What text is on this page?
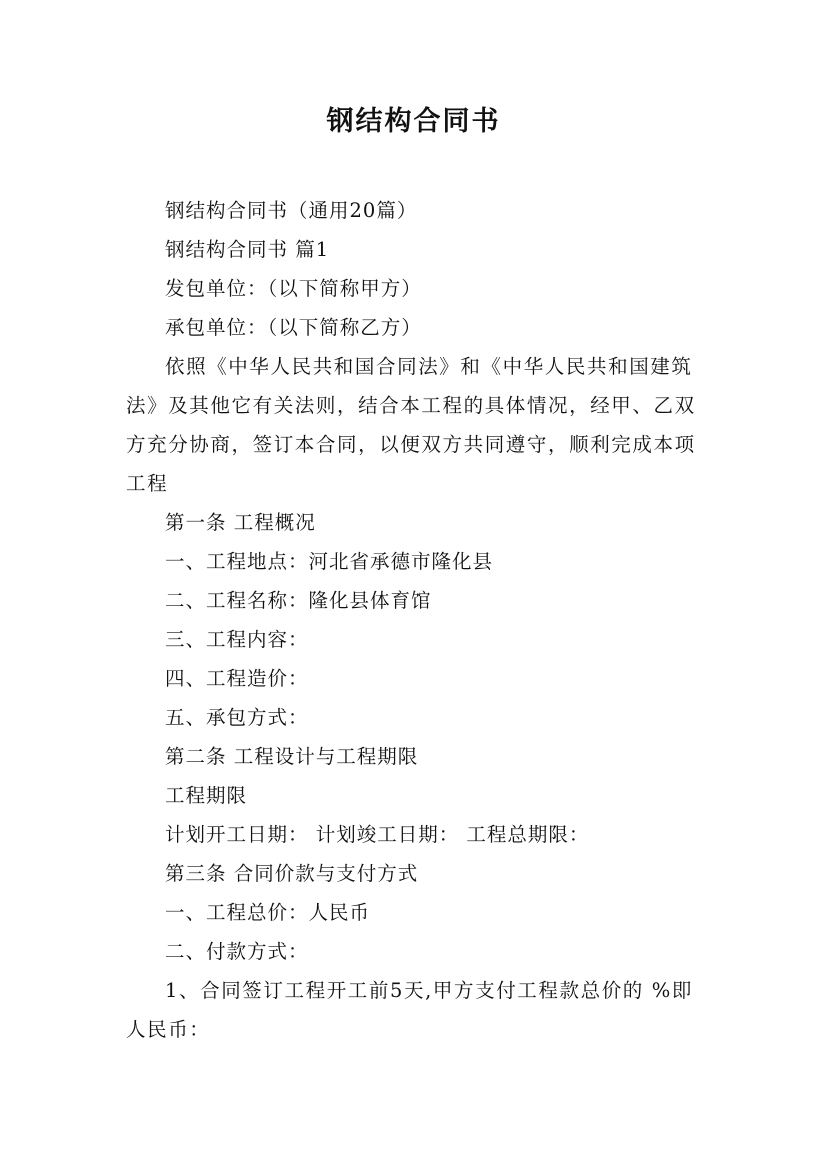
钢结构合同书

钢结构合同书（通用20篇）

钢结构合同书 篇1

发包单位：（以下简称甲方）

承包单位：（以下简称乙方）

依照《中华人民共和国合同法》和《中华人民共和国建筑法》及其他它有关法则，结合本工程的具体情况，经甲、乙双方充分协商，签订本合同，以便双方共同遵守，顺利完成本项工程

第一条 工程概况

一、工程地点：河北省承德市隆化县

二、工程名称：隆化县体育馆

三、工程内容：

四、工程造价：

五、承包方式：

第二条 工程设计与工程期限

工程期限

计划开工日期： 计划竣工日期： 工程总期限：

第三条 合同价款与支付方式

一、工程总价：人民币

二、付款方式：

1、合同签订工程开工前5天,甲方支付工程款总价的 %即人民币：
